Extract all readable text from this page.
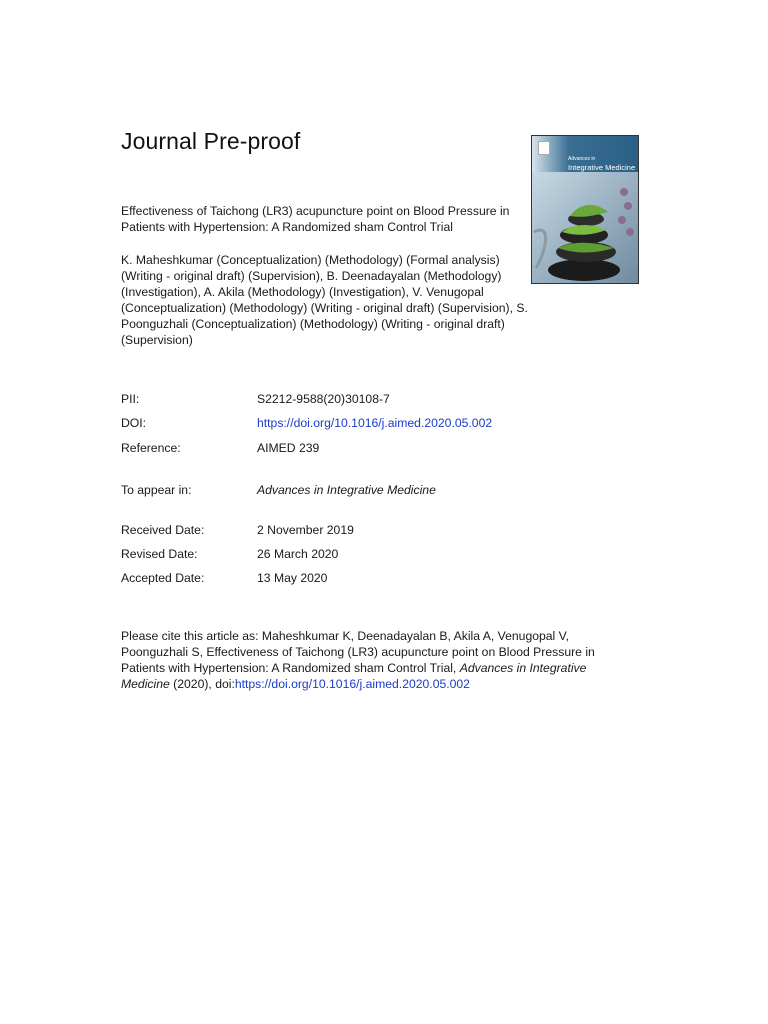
Journal Pre-proof
Advances in
Integrative Medicine
Effectiveness of Taichong (LR3) acupuncture point on Blood Pressure in Patients with Hypertension: A Randomized sham Control Trial
K. Maheshkumar (Conceptualization) (Methodology) (Formal analysis) (Writing - original draft) (Supervision), B. Deenadayalan (Methodology) (Investigation), A. Akila (Methodology) (Investigation), V. Venugopal (Conceptualization) (Methodology) (Writing - original draft) (Supervision), S. Poonguzhali (Conceptualization) (Methodology) (Writing - original draft) (Supervision)
PII:	S2212-9588(20)30108-7
DOI:	https://doi.org/10.1016/j.aimed.2020.05.002
Reference:	AIMED 239
To appear in:	Advances in Integrative Medicine
Received Date:	2 November 2019
Revised Date:	26 March 2020
Accepted Date:	13 May 2020
Please cite this article as: Maheshkumar K, Deenadayalan B, Akila A, Venugopal V, Poonguzhali S, Effectiveness of Taichong (LR3) acupuncture point on Blood Pressure in Patients with Hypertension: A Randomized sham Control Trial, Advances in Integrative Medicine (2020), doi:https://doi.org/10.1016/j.aimed.2020.05.002
